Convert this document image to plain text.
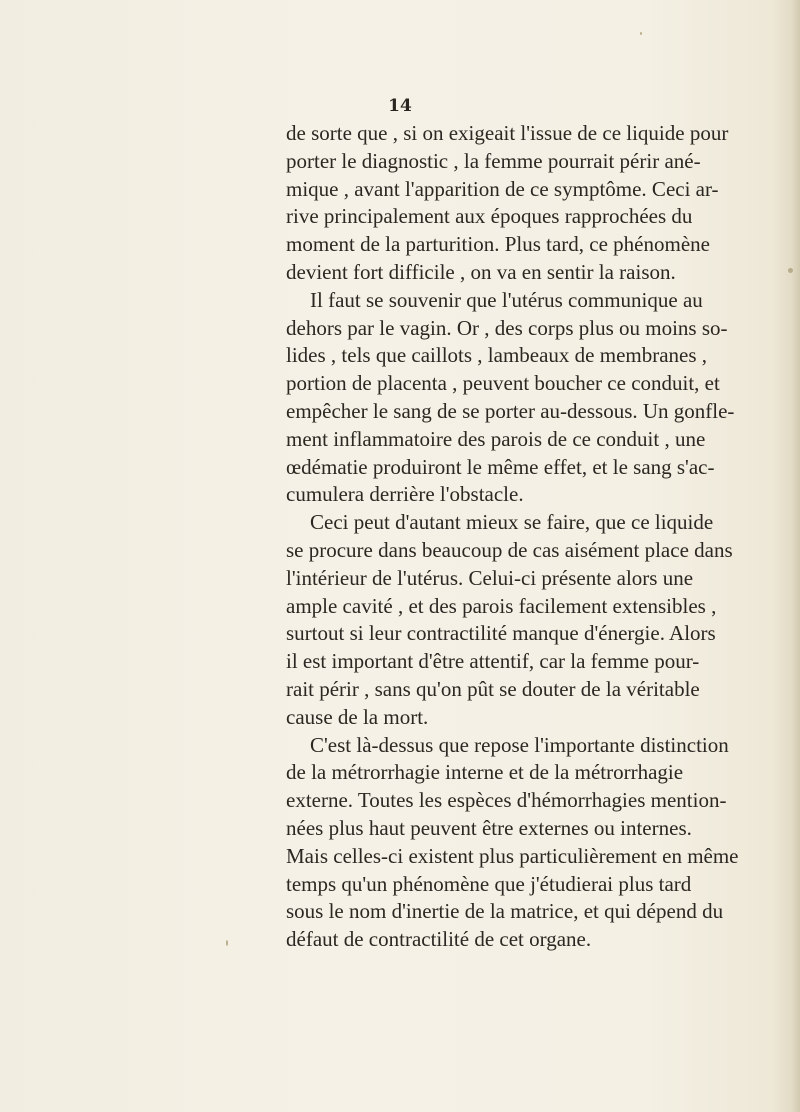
14

de sorte que , si on exigeait l'issue de ce liquide pour
porter le diagnostic , la femme pourrait périr ané-
mique , avant l'apparition de ce symptôme. Ceci ar-
rive principalement aux époques rapprochées du
moment de la parturition. Plus tard, ce phénomène
devient fort difficile , on va en sentir la raison.
Il faut se souvenir que l'utérus communique au
dehors par le vagin. Or , des corps plus ou moins so-
lides , tels que caillots , lambeaux de membranes ,
portion de placenta , peuvent boucher ce conduit, et
empêcher le sang de se porter au-dessous. Un gonfle-
ment inflammatoire des parois de ce conduit , une
œdématie produiront le même effet, et le sang s'ac-
cumulera derrière l'obstacle.
Ceci peut d'autant mieux se faire, que ce liquide
se procure dans beaucoup de cas aisément place dans
l'intérieur de l'utérus. Celui-ci présente alors une
ample cavité , et des parois facilement extensibles ,
surtout si leur contractilité manque d'énergie. Alors
il est important d'être attentif, car la femme pour-
rait périr , sans qu'on pût se douter de la véritable
cause de la mort.
C'est là-dessus que repose l'importante distinction
de la métrorrhagie interne et de la métrorrhagie
externe. Toutes les espèces d'hémorrhagies mention-
nées plus haut peuvent être externes ou internes.
Mais celles-ci existent plus particulièrement en même
temps qu'un phénomène que j'étudierai plus tard
sous le nom d'inertie de la matrice, et qui dépend du
défaut de contractilité de cet organe.
